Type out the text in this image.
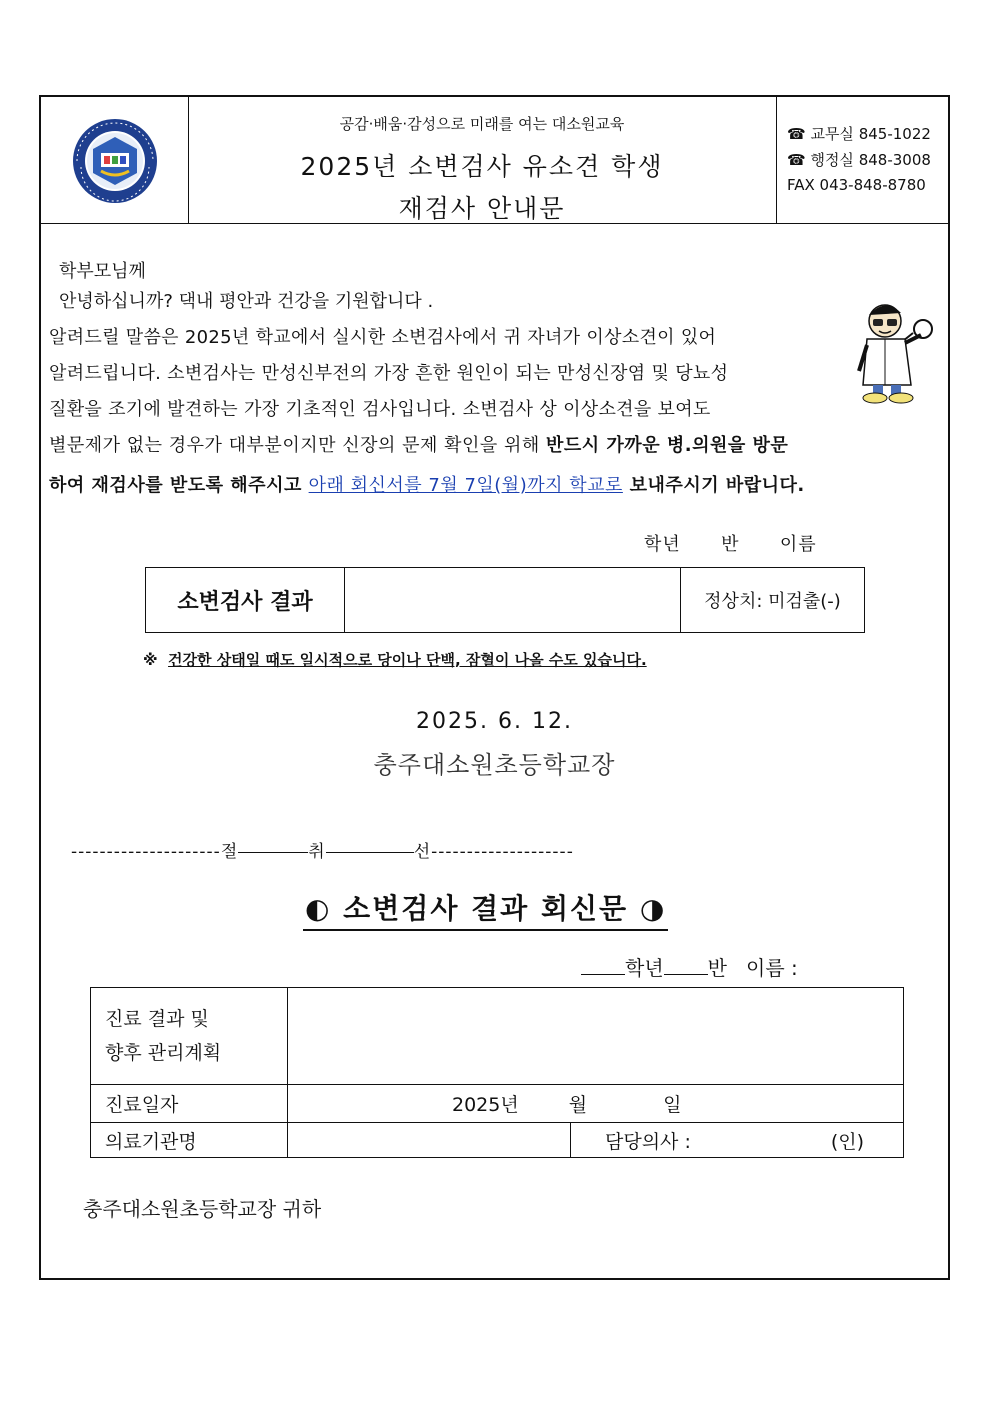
공감·배움·감성으로 미래를 여는 대소원교육
2025년 소변검사 유소견 학생
재검사 안내문
☎ 교무실 845-1022
☎ 행정실 848-3008
FAX 043-848-8780
학부모님께
안녕하십니까? 댁내 평안과 건강을 기원합니다 .
알려드릴 말씀은 2025년 학교에서 실시한 소변검사에서 귀 자녀가 이상소견이 있어
알려드립니다. 소변검사는 만성신부전의 가장 흔한 원인이 되는 만성신장염 및 당뇨성
질환을 조기에 발견하는 가장 기초적인 검사입니다. 소변검사 상 이상소견을 보여도
별문제가 없는 경우가 대부분이지만 신장의 문제 확인을 위해 반드시 가까운 병.의원을 방문
하여 재검사를 받도록 해주시고 아래 회신서를 7월 7일(월)까지 학교로 보내주시기 바랍니다.
학년 반 이름
소변검사 결과		정상치: 미검출(-)
※ 건강한 상태일 때도 일시적으로 당이나 단백, 잠혈이 나올 수도 있습니다.
2025. 6. 12.
충주대소원초등학교장
---------------------절	취	선--------------------
◐ 소변검사 결과 회신문 ◑
학년 반 이름 :
진료 결과 및
향후 관리계획		

진료일자	2025년 월 일	
의료기관명		담당의사 : (인)
충주대소원초등학교장 귀하
